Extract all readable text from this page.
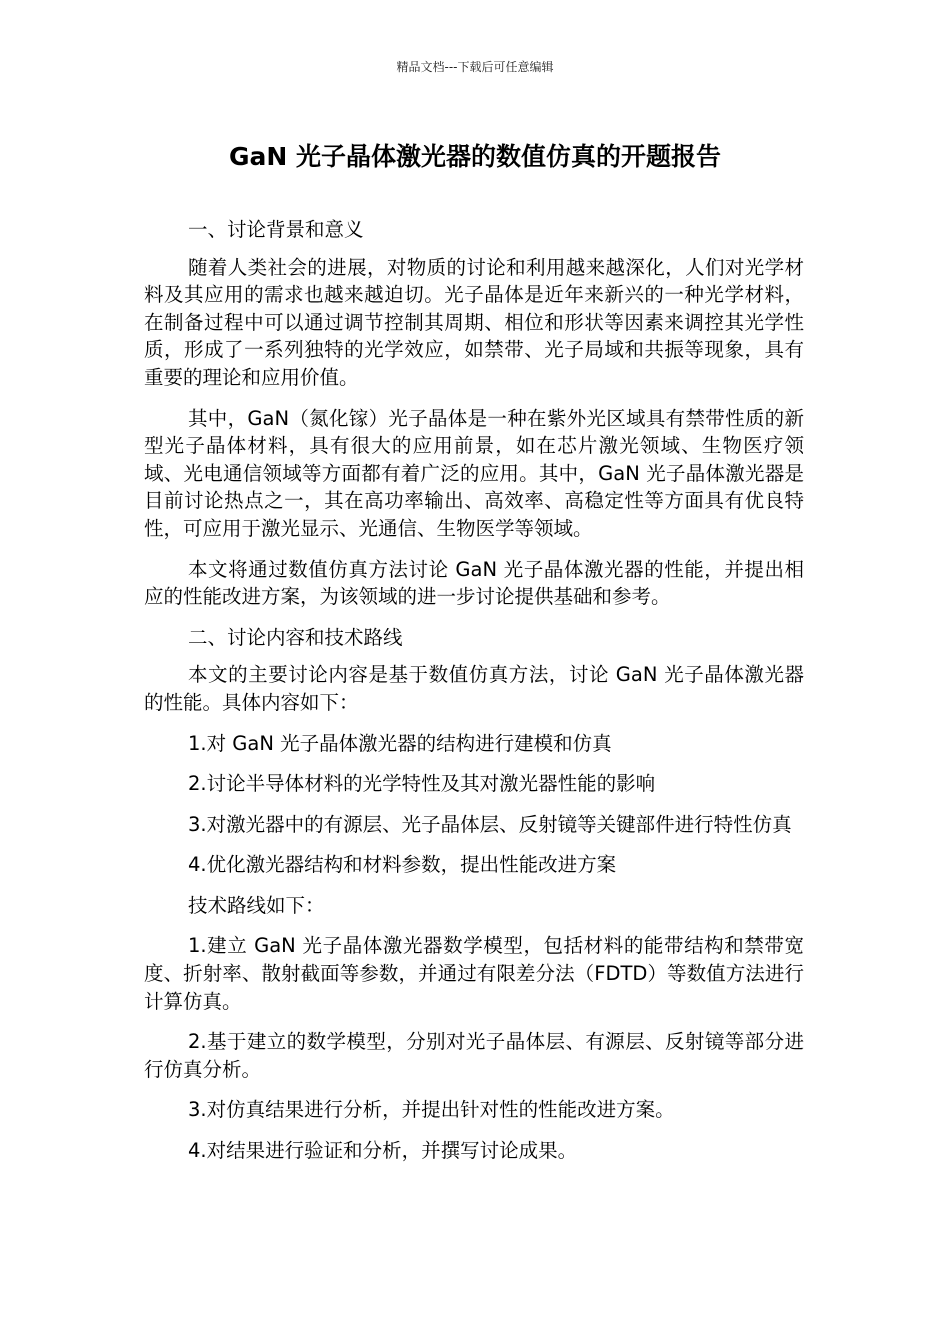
精品文档---下载后可任意编辑
GaN 光子晶体激光器的数值仿真的开题报告

一、讨论背景和意义

随着人类社会的进展，对物质的讨论和利用越来越深化，人们对光学材料及其应用的需求也越来越迫切。光子晶体是近年来新兴的一种光学材料，在制备过程中可以通过调节控制其周期、相位和形状等因素来调控其光学性质，形成了一系列独特的光学效应，如禁带、光子局域和共振等现象，具有重要的理论和应用价值。

其中，GaN（氮化镓）光子晶体是一种在紫外光区域具有禁带性质的新型光子晶体材料，具有很大的应用前景，如在芯片激光领域、生物医疗领域、光电通信领域等方面都有着广泛的应用。其中，GaN 光子晶体激光器是目前讨论热点之一，其在高功率输出、高效率、高稳定性等方面具有优良特性，可应用于激光显示、光通信、生物医学等领域。

本文将通过数值仿真方法讨论 GaN 光子晶体激光器的性能，并提出相应的性能改进方案，为该领域的进一步讨论提供基础和参考。

二、讨论内容和技术路线

本文的主要讨论内容是基于数值仿真方法，讨论 GaN 光子晶体激光器的性能。具体内容如下：

1.对 GaN 光子晶体激光器的结构进行建模和仿真

2.讨论半导体材料的光学特性及其对激光器性能的影响

3.对激光器中的有源层、光子晶体层、反射镜等关键部件进行特性仿真

4.优化激光器结构和材料参数，提出性能改进方案

技术路线如下：

1.建立 GaN 光子晶体激光器数学模型，包括材料的能带结构和禁带宽度、折射率、散射截面等参数，并通过有限差分法（FDTD）等数值方法进行计算仿真。

2.基于建立的数学模型，分别对光子晶体层、有源层、反射镜等部分进行仿真分析。

3.对仿真结果进行分析，并提出针对性的性能改进方案。

4.对结果进行验证和分析，并撰写讨论成果。
